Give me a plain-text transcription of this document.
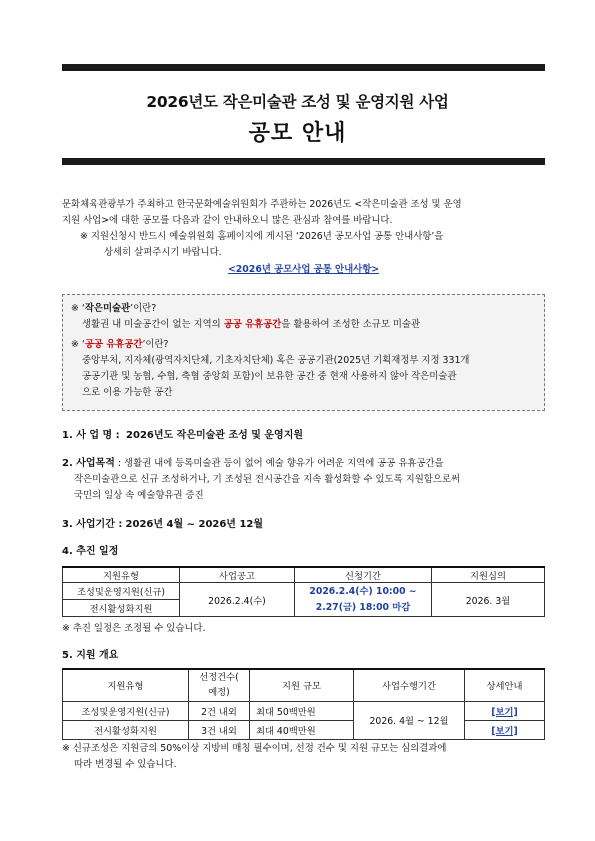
2026년도 작은미술관 조성 및 운영지원 사업
공모 안내
문화체육관광부가 주최하고 한국문화예술위원회가 주관하는 2026년도 <작은미술관 조성 및 운영
지원 사업>에 대한 공모를 다음과 같이 안내하오니 많은 관심과 참여를 바랍니다.
※ 지원신청시 반드시 예술위원회 홈페이지에 게시된 ‘2026년 공모사업 공통 안내사항’을
상세히 살펴주시기 바랍니다.
<2026년 공모사업 공통 안내사항>
※ ‘작은미술관’이란?
생활권 내 미술공간이 없는 지역의 공공 유휴공간을 활용하여 조성한 소규모 미술관
※ ‘공공 유휴공간’이란?
중앙부처, 지자체(광역자치단체, 기초자치단체) 혹은 공공기관(2025년 기획재정부 지정 331개
공공기관 및 농협, 수협, 축협 중앙회 포함)이 보유한 공간 중 현재 사용하지 않아 작은미술관
으로 이용 가능한 공간
1. 사 업 명 : 2026년도 작은미술관 조성 및 운영지원
2. 사업목적 : 생활권 내에 등록미술관 등이 없어 예술 향유가 어려운 지역에 공공 유휴공간을
작은미술관으로 신규 조성하거나, 기 조성된 전시공간을 지속 활성화할 수 있도록 지원함으로써
국민의 일상 속 예술향유권 증진
3. 사업기간 : 2026년 4월 ~ 2026년 12월
4. 추진 일정
지원유형	사업공고	신청기간	지원심의
조성및운영지원(신규)	2026.2.4(수)	2026.2.4(수) 10:00 ~
2.27(금) 18:00 마감	2026. 3월
전시활성화지원			
※ 추진 일정은 조정될 수 있습니다.
5. 지원 개요
지원유형	선정건수(
예정)	지원 규모	사업수행기간	상세안내
조성및운영지원(신규)	2건 내외	최대 50백만원	2026. 4월 ~ 12월	[보기]
전시활성화지원	3건 내외	최대 40백만원		[보기]
※ 신규조성은 지원금의 50%이상 지방비 매칭 필수이며, 선정 건수 및 지원 규모는 심의결과에
따라 변경될 수 있습니다.
